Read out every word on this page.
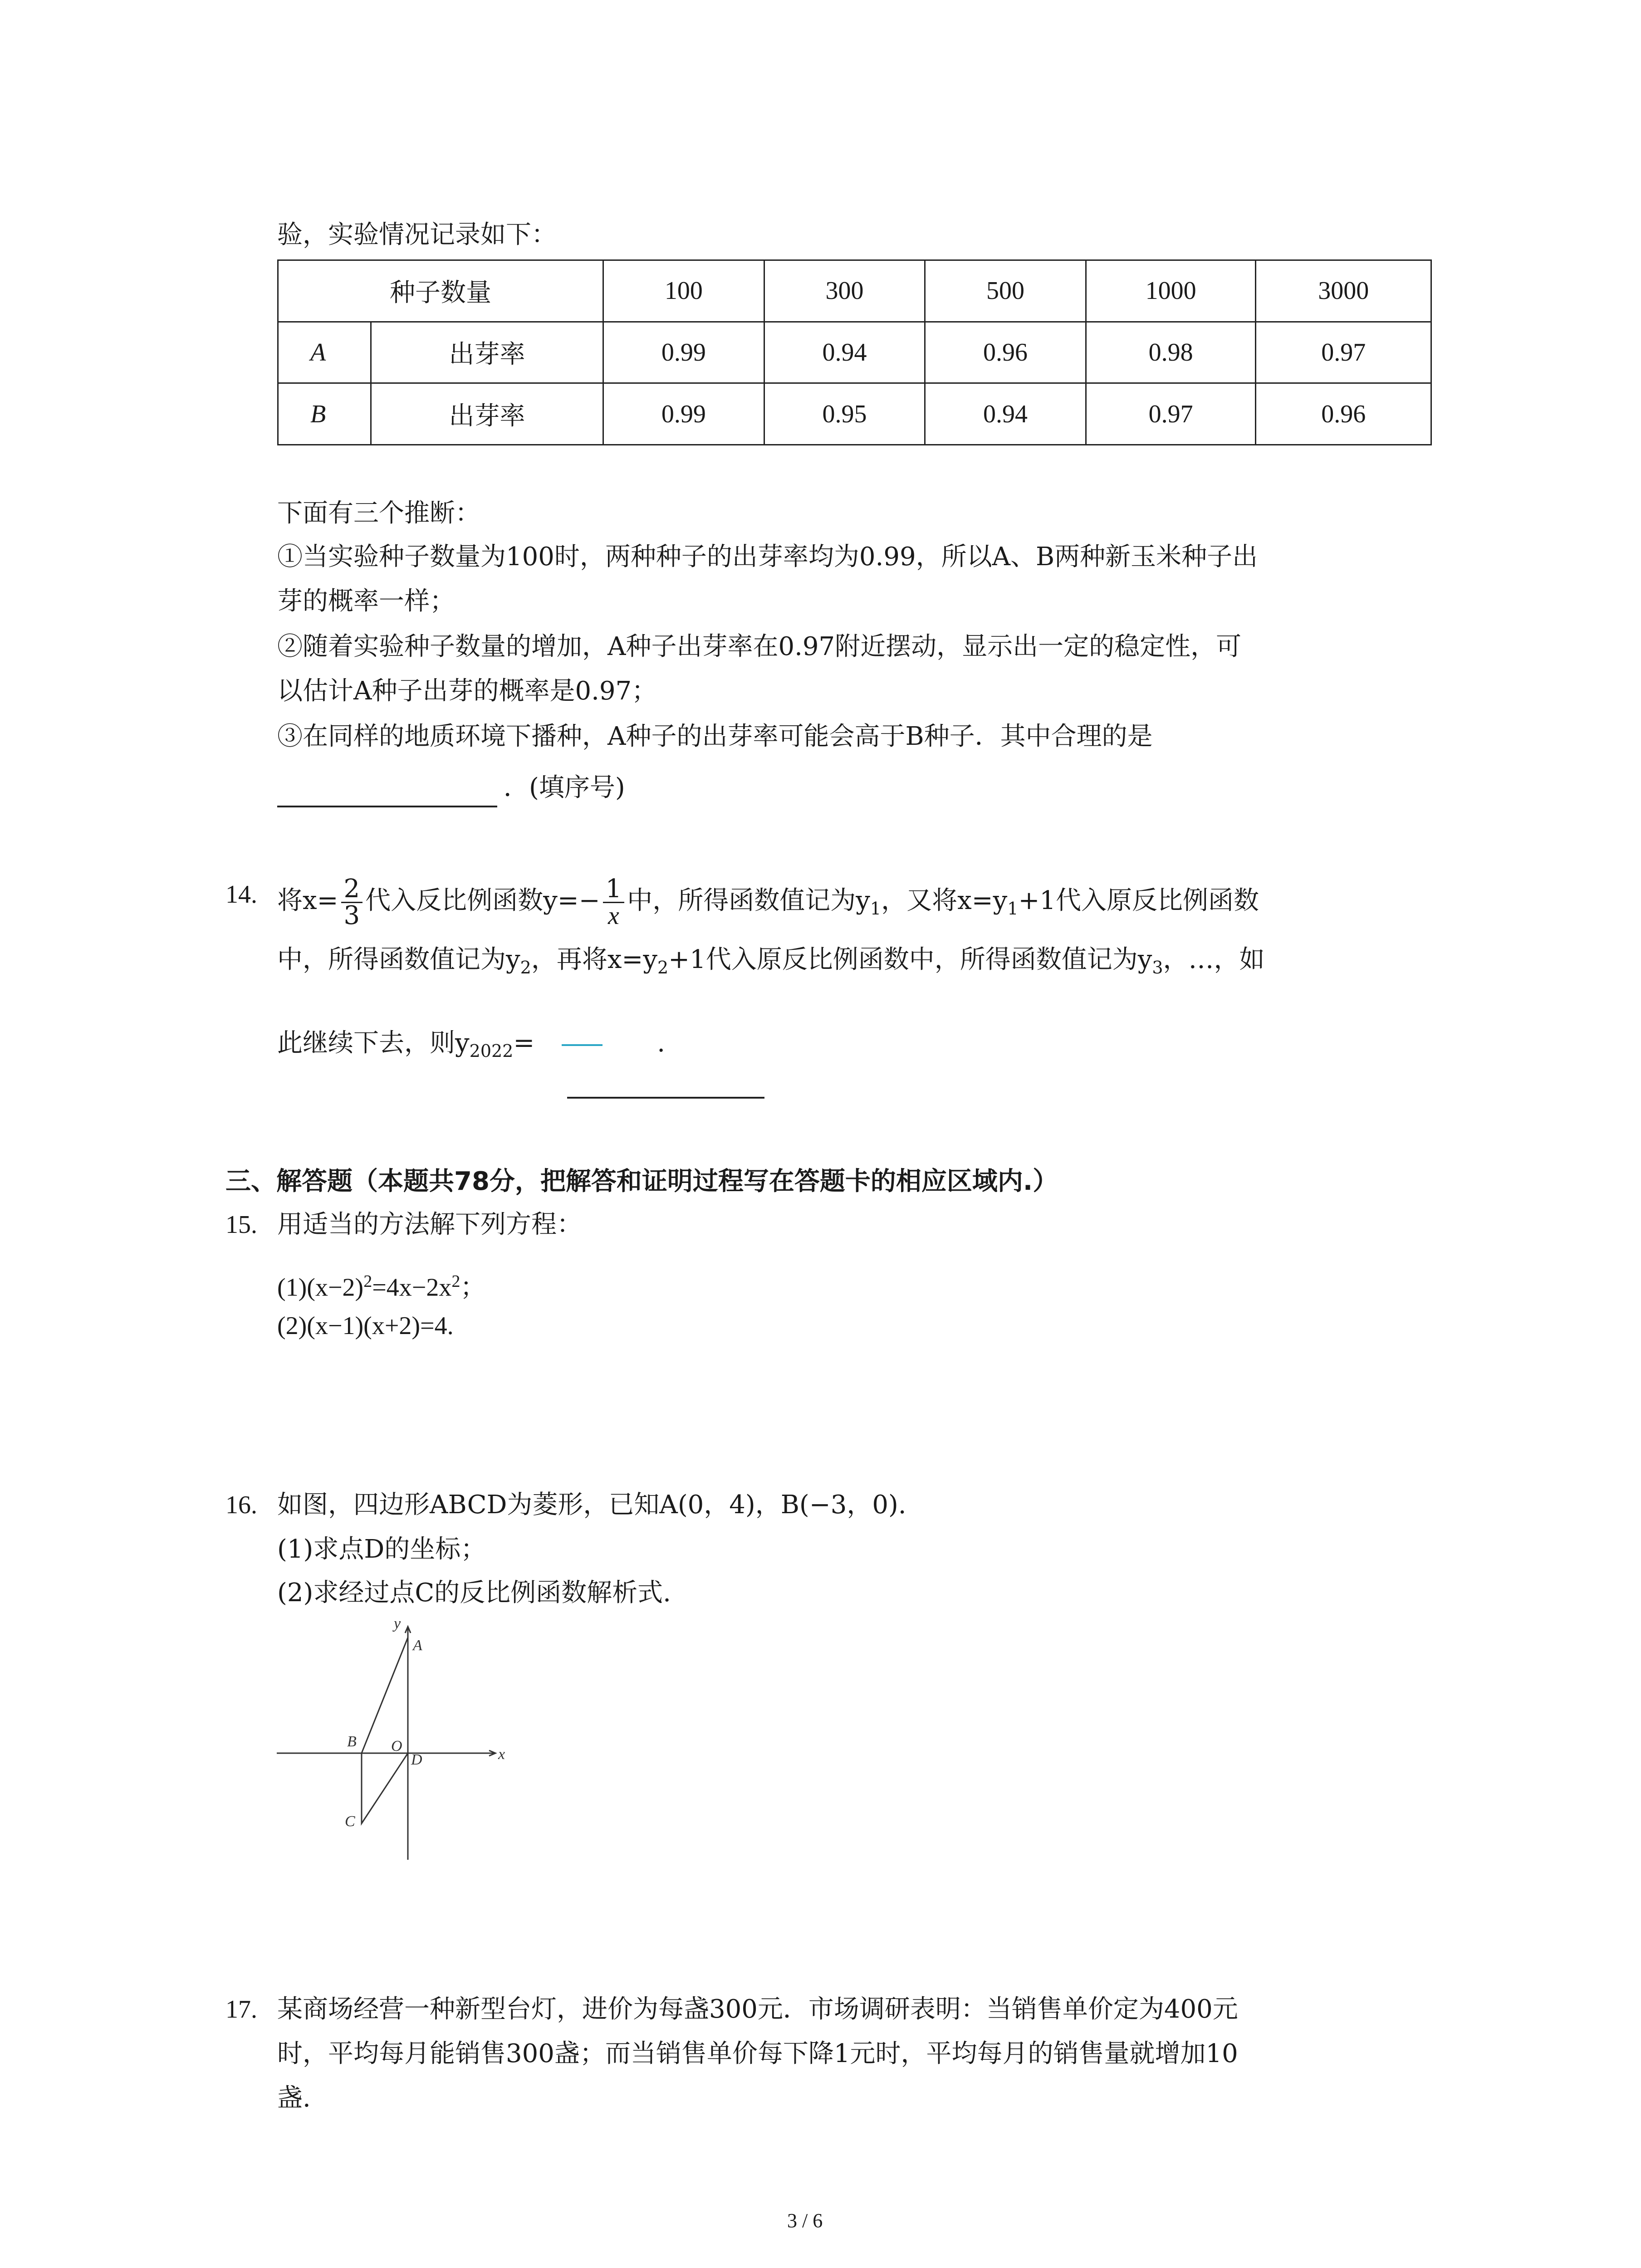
验，实验情况记录如下：
种子数量		100	300	500	1000	3000
A	出芽率	0.99	0.94	0.96	0.98	0.97
B	出芽率	0.99	0.95	0.94	0.97	0.96
下面有三个推断：
①当实验种子数量为100时，两种种子的出芽率均为0.99，所以A、B两种新玉米种子出
芽的概率一样；
②随着实验种子数量的增加，A种子出芽率在0.97附近摆动，显示出一定的稳定性，可
以估计A种子出芽的概率是0.97；
③在同样的地质环境下播种，A种子的出芽率可能会高于B种子．其中合理的是
．(填序号)
14. 将$x= \frac{2}{3}$ 代入反比例函数$y=- \frac{1}{x}$ 中，所得函数值记为$y_1$，又将$x=y_1+1$代入原反比例函数
中，所得函数值记为$y_2$，再将$x=y_2+1$代入原反比例函数中，所得函数值记为$y_3$，…，如
此继续下去，则$y_{2022}=$	.
三、解答题（本题共78分，把解答和证明过程写在答题卡的相应区域内.）
15. 用适当的方法解下列方程：
$(1)(x-2)^2=4x-2x^2$；
(2)(x−1)(x+2)=4.
16. 如图，四边形ABCD为菱形，已知A(0，4)，B(−3，0).
(1)求点D的坐标；
(2)求经过点C的反比例函数解析式.
y
x
A
B O
D
C
17. 某商场经营一种新型台灯，进价为每盏300元．市场调研表明：当销售单价定为400元
时，平均每月能销售300盏；而当销售单价每下降1元时，平均每月的销售量就增加10
盏.
3 / 6
